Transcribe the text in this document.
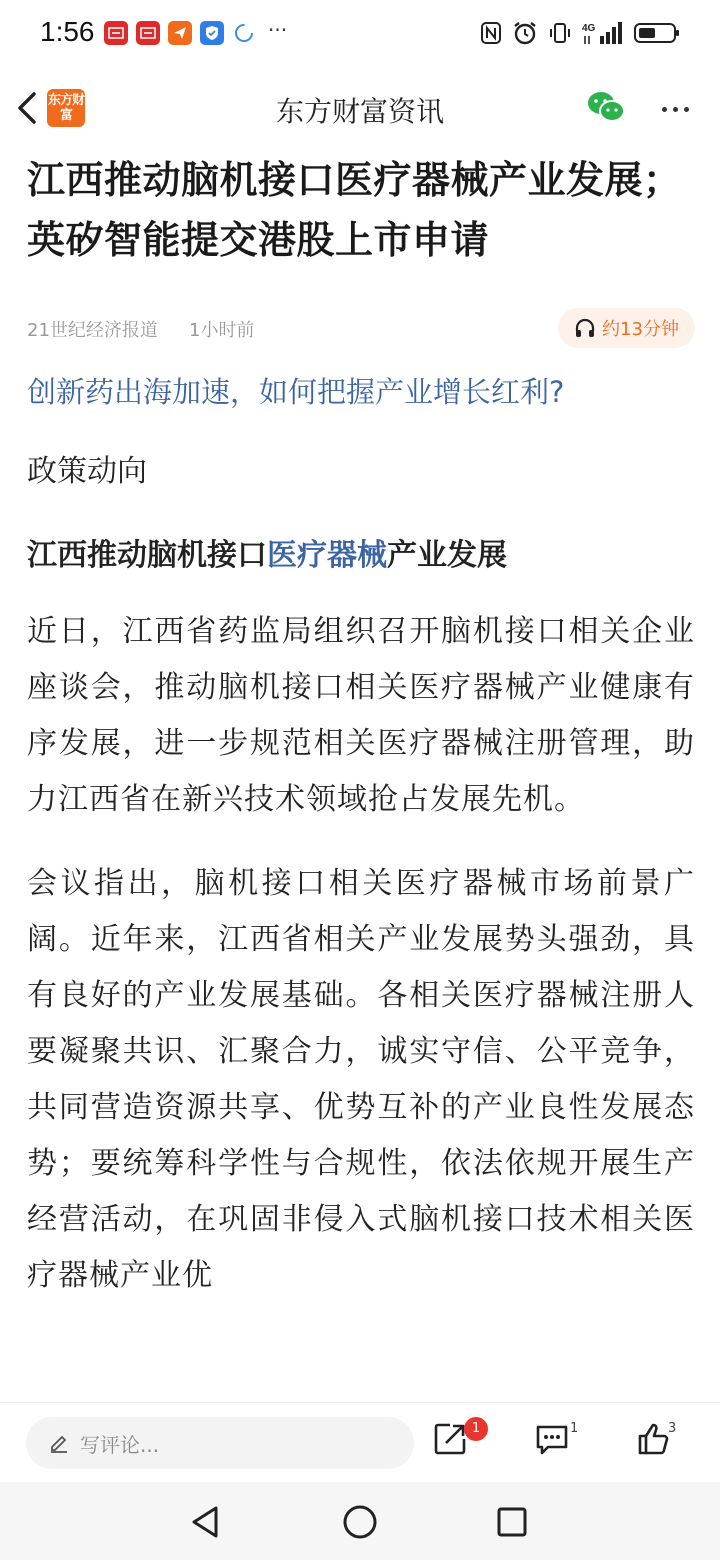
1:56	···	4G
东方财富	东方财富资讯
江西推动脑机接口医疗器械产业发展；英矽智能提交港股上市申请
21世纪经济报道 1小时前	约13分钟
创新药出海加速，如何把握产业增长红利?

政策动向

江西推动脑机接口医疗器械产业发展

近日，江西省药监局组织召开脑机接口相关企业座谈会，推动脑机接口相关医疗器械产业健康有序发展，进一步规范相关医疗器械注册管理，助力江西省在新兴技术领域抢占发展先机。

会议指出，脑机接口相关医疗器械市场前景广阔。近年来，江西省相关产业发展势头强劲，具有良好的产业发展基础。各相关医疗器械注册人要凝聚共识、汇聚合力，诚实守信、公平竞争，共同营造资源共享、优势互补的产业良性发展态势；要统筹科学性与合规性，依法依规开展生产经营活动，在巩固非侵入式脑机接口技术相关医疗器械产业优

写评论...
1	1	3
